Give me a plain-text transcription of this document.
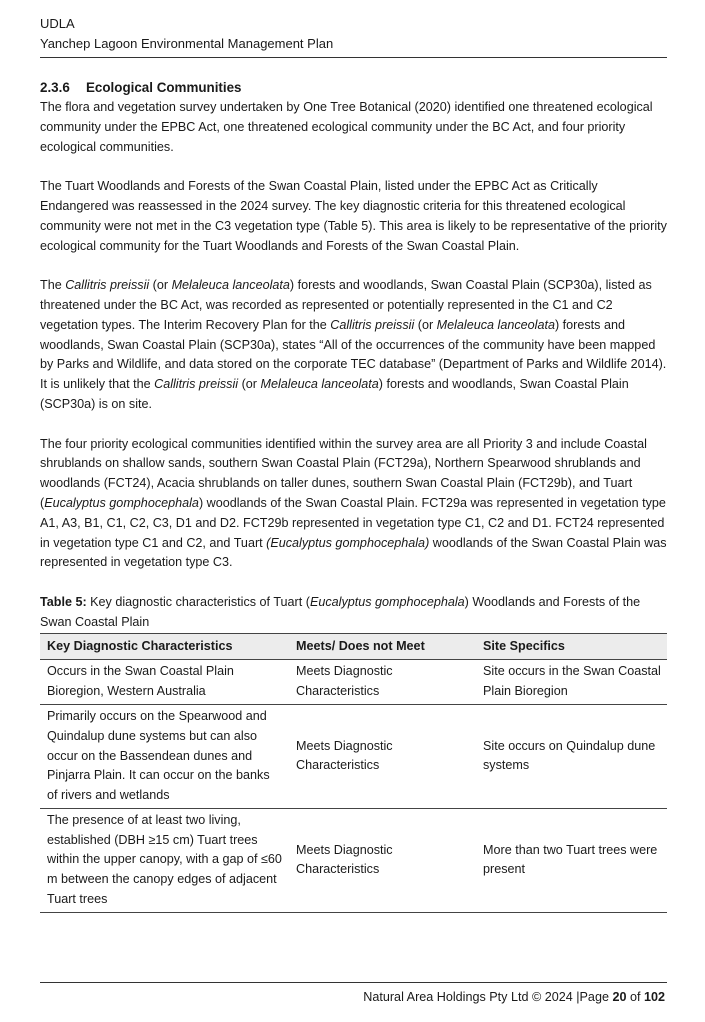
UDLA
Yanchep Lagoon Environmental Management Plan
2.3.6 Ecological Communities

The flora and vegetation survey undertaken by One Tree Botanical (2020) identified one threatened ecological community under the EPBC Act, one threatened ecological community under the BC Act, and four priority ecological communities.

The Tuart Woodlands and Forests of the Swan Coastal Plain, listed under the EPBC Act as Critically Endangered was reassessed in the 2024 survey. The key diagnostic criteria for this threatened ecological community were not met in the C3 vegetation type (Table 5). This area is likely to be representative of the priority ecological community for the Tuart Woodlands and Forests of the Swan Coastal Plain.

The Callitris preissii (or Melaleuca lanceolata) forests and woodlands, Swan Coastal Plain (SCP30a), listed as threatened under the BC Act, was recorded as represented or potentially represented in the C1 and C2 vegetation types. The Interim Recovery Plan for the Callitris preissii (or Melaleuca lanceolata) forests and woodlands, Swan Coastal Plain (SCP30a), states “All of the occurrences of the community have been mapped by Parks and Wildlife, and data stored on the corporate TEC database” (Department of Parks and Wildlife 2014). It is unlikely that the Callitris preissii (or Melaleuca lanceolata) forests and woodlands, Swan Coastal Plain (SCP30a) is on site.

The four priority ecological communities identified within the survey area are all Priority 3 and include Coastal shrublands on shallow sands, southern Swan Coastal Plain (FCT29a), Northern Spearwood shrublands and woodlands (FCT24), Acacia shrublands on taller dunes, southern Swan Coastal Plain (FCT29b), and Tuart (Eucalyptus gomphocephala) woodlands of the Swan Coastal Plain. FCT29a was represented in vegetation type A1, A3, B1, C1, C2, C3, D1 and D2. FCT29b represented in vegetation type C1, C2 and D1. FCT24 represented in vegetation type C1 and C2, and Tuart (Eucalyptus gomphocephala) woodlands of the Swan Coastal Plain was represented in vegetation type C3.

Table 5: Key diagnostic characteristics of Tuart (Eucalyptus gomphocephala) Woodlands and Forests of the Swan Coastal Plain

Key Diagnostic Characteristics	Meets/ Does not Meet	Site Specifics
Occurs in the Swan Coastal Plain Bioregion, Western Australia	Meets Diagnostic Characteristics	Site occurs in the Swan Coastal Plain Bioregion
Primarily occurs on the Spearwood and Quindalup dune systems but can also occur on the Bassendean dunes and Pinjarra Plain. It can occur on the banks of rivers and wetlands	Meets Diagnostic Characteristics	Site occurs on Quindalup dune systems
The presence of at least two living, established (DBH ≥15 cm) Tuart trees within the upper canopy, with a gap of ≤60 m between the canopy edges of adjacent Tuart trees	Meets Diagnostic Characteristics	More than two Tuart trees were present
Natural Area Holdings Pty Ltd © 2024 |Page 20 of 102
